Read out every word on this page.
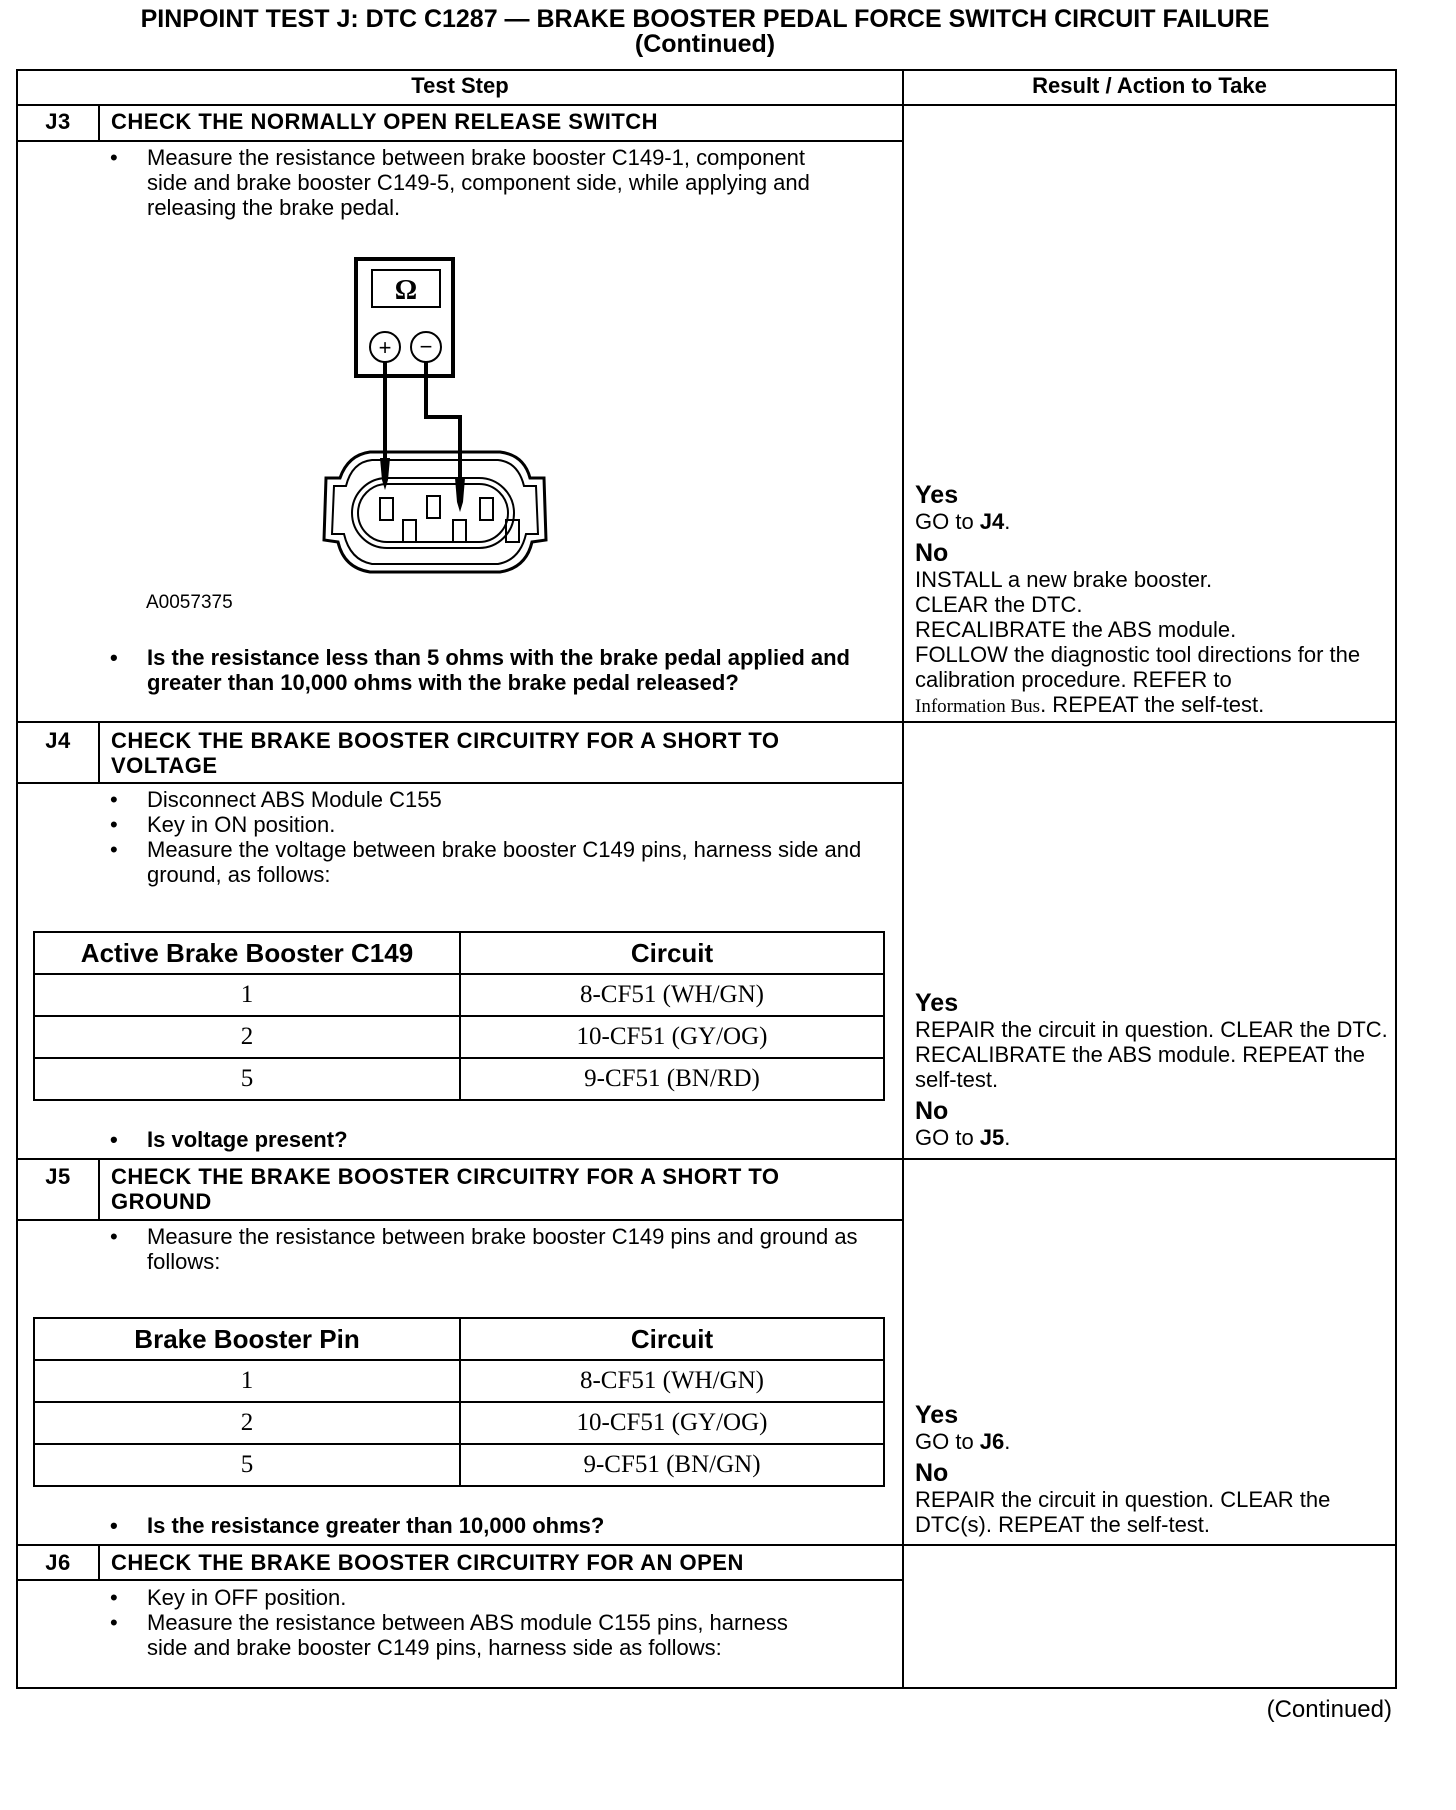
PINPOINT TEST J: DTC C1287 — BRAKE BOOSTER PEDAL FORCE SWITCH CIRCUIT FAILURE
(Continued)
Test Step	Result / Action to Take
J3	CHECK THE NORMALLY OPEN RELEASE SWITCH
• Measure the resistance between brake booster C149-1, component side and brake booster C149-5, component side, while applying and releasing the brake pedal.
Ω
+ −
A0057375
• Is the resistance less than 5 ohms with the brake pedal applied and greater than 10,000 ohms with the brake pedal released?
Yes
GO to J4.
No
INSTALL a new brake booster.
CLEAR the DTC.
RECALIBRATE the ABS module.
FOLLOW the diagnostic tool directions for the calibration procedure. REFER to
Information Bus. REPEAT the self-test.
J4	CHECK THE BRAKE BOOSTER CIRCUITRY FOR A SHORT TO VOLTAGE
• Disconnect ABS Module C155
• Key in ON position.
• Measure the voltage between brake booster C149 pins, harness side and ground, as follows:
Active Brake Booster C149	Circuit
1	8-CF51 (WH/GN)
2	10-CF51 (GY/OG)
5	9-CF51 (BN/RD)
• Is voltage present?
Yes
REPAIR the circuit in question. CLEAR the DTC. RECALIBRATE the ABS module. REPEAT the self-test.
No
GO to J5.
J5	CHECK THE BRAKE BOOSTER CIRCUITRY FOR A SHORT TO GROUND
• Measure the resistance between brake booster C149 pins and ground as follows:
Brake Booster Pin	Circuit
1	8-CF51 (WH/GN)
2	10-CF51 (GY/OG)
5	9-CF51 (BN/GN)
• Is the resistance greater than 10,000 ohms?
Yes
GO to J6.
No
REPAIR the circuit in question. CLEAR the DTC(s). REPEAT the self-test.
J6	CHECK THE BRAKE BOOSTER CIRCUITRY FOR AN OPEN
• Key in OFF position.
• Measure the resistance between ABS module C155 pins, harness side and brake booster C149 pins, harness side as follows:
(Continued)
